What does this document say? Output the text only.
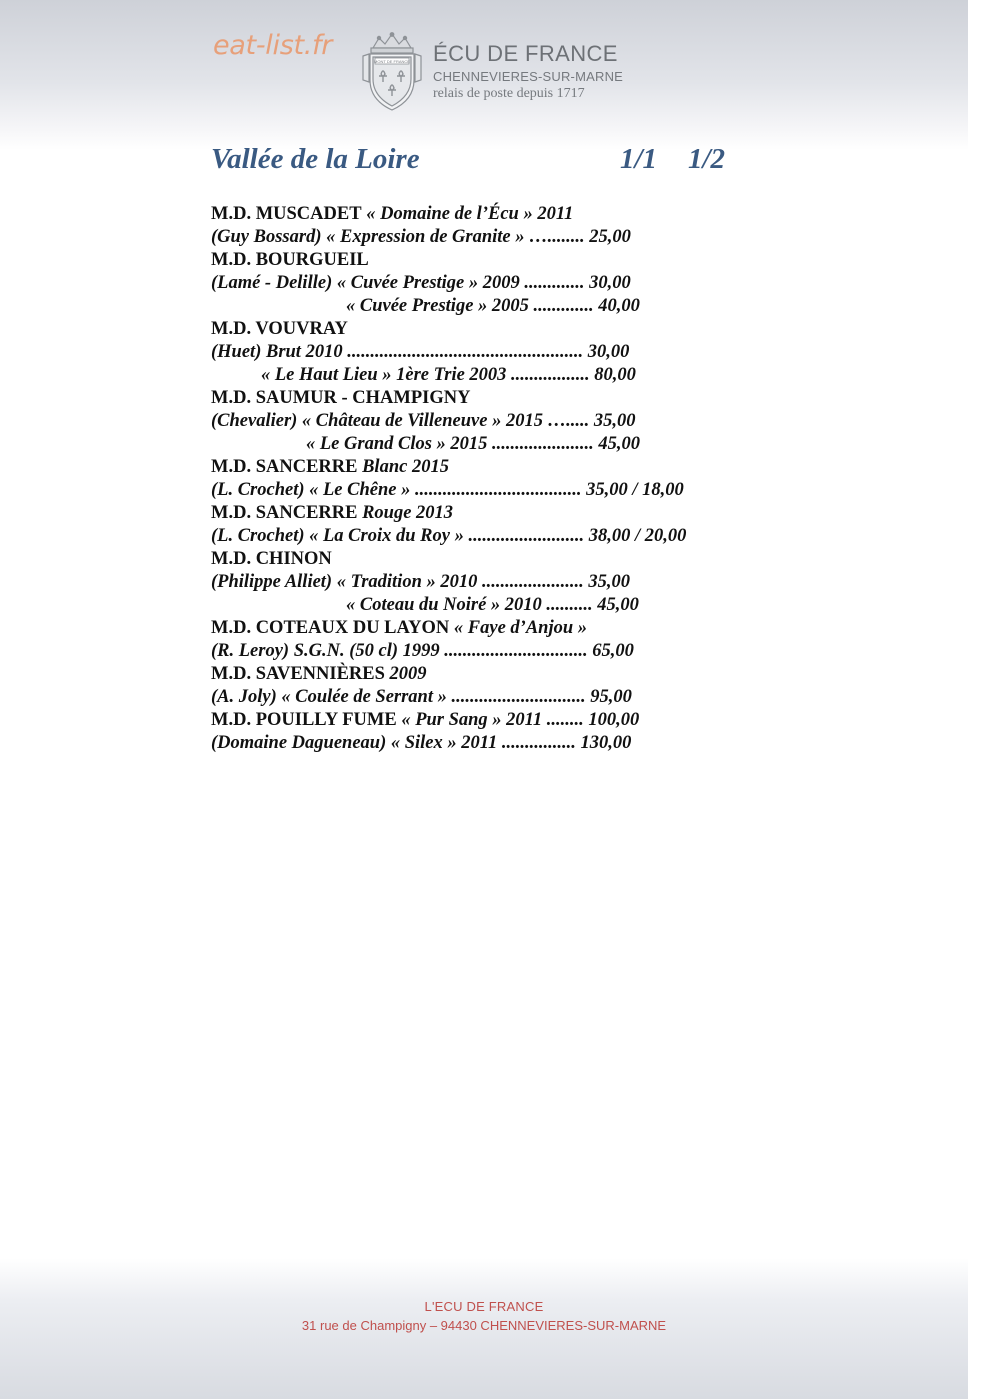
eat-list.fr
MONT DE FRANCE ÉCU DE FRANCE
CHENNEVIERES-SUR-MARNE
relais de poste depuis 1717
Vallée de la Loire	1/1 1/2
M.D. MUSCADET « Domaine de l’Écu » 2011
(Guy Bossard) « Expression de Granite » …........ 25,00
M.D. BOURGUEIL
(Lamé - Delille) « Cuvée Prestige » 2009 ............. 30,00
« Cuvée Prestige » 2005 ............. 40,00
M.D. VOUVRAY
(Huet) Brut 2010 ................................................... 30,00
« Le Haut Lieu » 1ère Trie 2003 ................. 80,00
M.D. SAUMUR - CHAMPIGNY
(Chevalier) « Château de Villeneuve » 2015 …..... 35,00
« Le Grand Clos » 2015 ...................... 45,00
M.D. SANCERRE Blanc 2015
(L. Crochet) « Le Chêne » .................................... 35,00 / 18,00
M.D. SANCERRE Rouge 2013
(L. Crochet) « La Croix du Roy » ......................... 38,00 / 20,00
M.D. CHINON
(Philippe Alliet) « Tradition » 2010 ...................... 35,00
« Coteau du Noiré » 2010 .......... 45,00
M.D. COTEAUX DU LAYON « Faye d’Anjou »
(R. Leroy) S.G.N. (50 cl) 1999 ............................... 65,00
M.D. SAVENNIÈRES 2009
(A. Joly) « Coulée de Serrant » ............................. 95,00
M.D. POUILLY FUME « Pur Sang » 2011 ........ 100,00
(Domaine Dagueneau) « Silex » 2011 ................ 130,00
L'ECU DE FRANCE
31 rue de Champigny – 94430 CHENNEVIERES-SUR-MARNE
